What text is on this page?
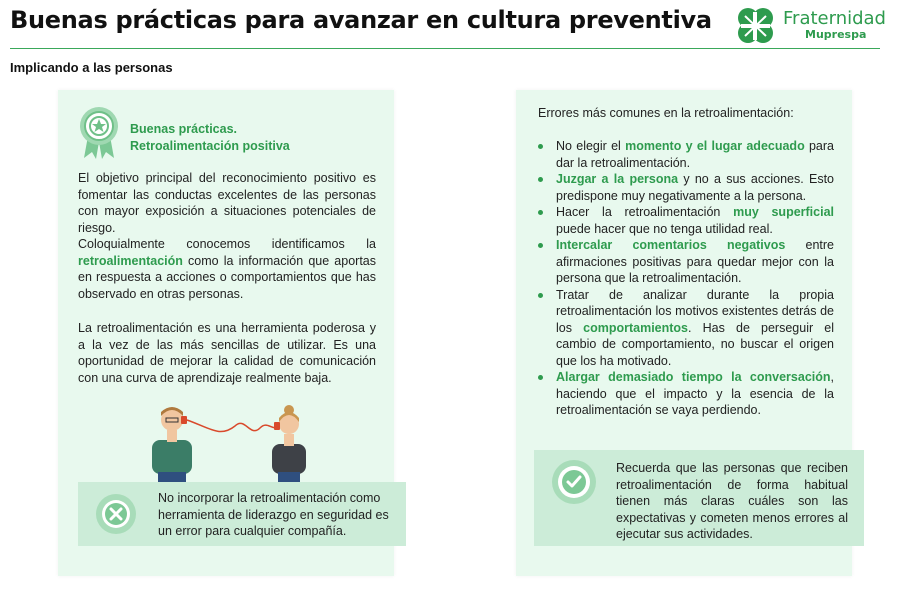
Buenas prácticas para avanzar en cultura preventiva	Fraternidad
Muprespa
Implicando a las personas
Buenas prácticas.
Retroalimentación positiva
El objetivo principal del reconocimiento positivo es fomentar las conductas excelentes de las personas con mayor exposición a situaciones potenciales de riesgo.
Coloquialmente conocemos identificamos la retroalimentación como la información que aportas en respuesta a acciones o comportamientos que has observado en otras personas.
La retroalimentación es una herramienta poderosa y a la vez de las más sencillas de utilizar. Es una oportunidad de mejorar la calidad de comunicación con una curva de aprendizaje realmente baja.
No incorporar la retroalimentación como herramienta de liderazgo en seguridad es un error para cualquier compañía.
Errores más comunes en la retroalimentación:
No elegir el momento y el lugar adecuado para dar la retroalimentación.
Juzgar a la persona y no a sus acciones. Esto predispone muy negativamente a la persona.
Hacer la retroalimentación muy superficial puede hacer que no tenga utilidad real.
Intercalar comentarios negativos entre afirmaciones positivas para quedar mejor con la persona que la retroalimentación.
Tratar de analizar durante la propia retroalimentación los motivos existentes detrás de los comportamientos. Has de perseguir el cambio de comportamiento, no buscar el origen que los ha motivado.
Alargar demasiado tiempo la conversación, haciendo que el impacto y la esencia de la retroalimentación se vaya perdiendo.
Recuerda que las personas que reciben retroalimentación de forma habitual tienen más claras cuáles son las expectativas y cometen menos errores al ejecutar sus actividades.
